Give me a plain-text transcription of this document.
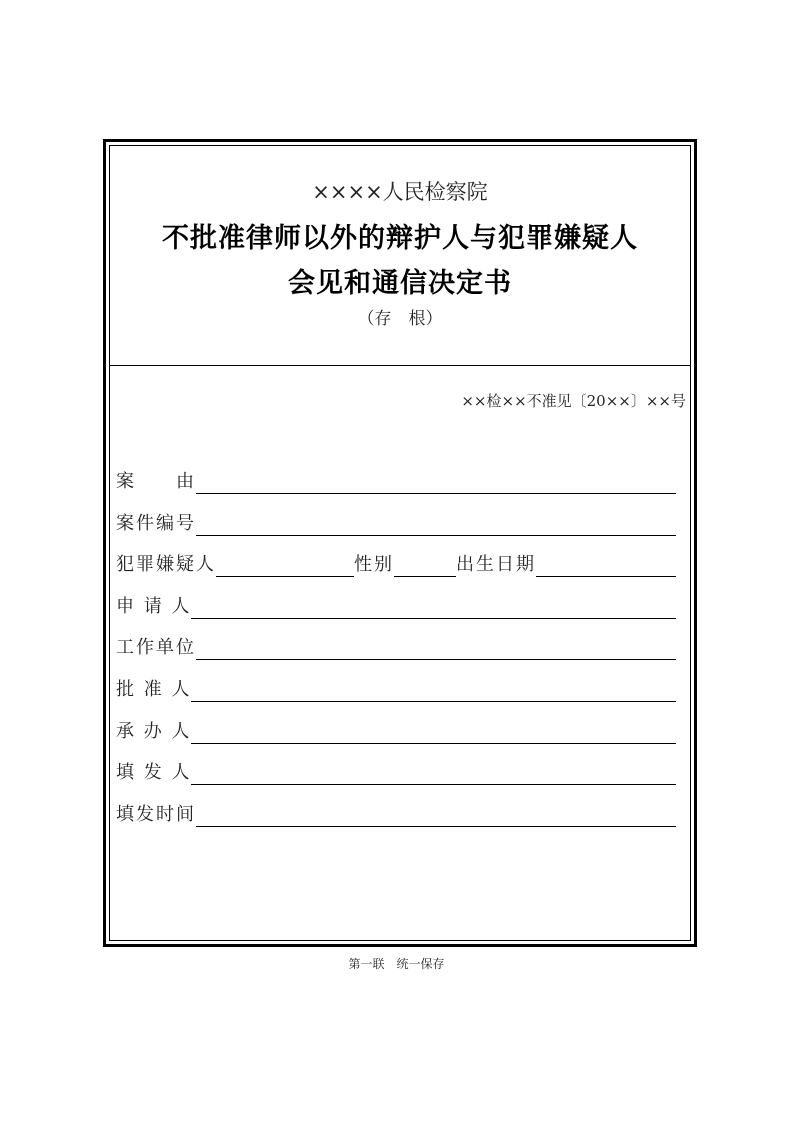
××××人民检察院
不批准律师以外的辩护人与犯罪嫌疑人
会见和通信决定书
（存　根）
××检××不准见〔20××〕××号
案　　由
案件编号
犯罪嫌疑人	性别	出生日期
申 请 人
工作单位
批 准 人
承 办 人
填 发 人
填发时间
第一联　统一保存
